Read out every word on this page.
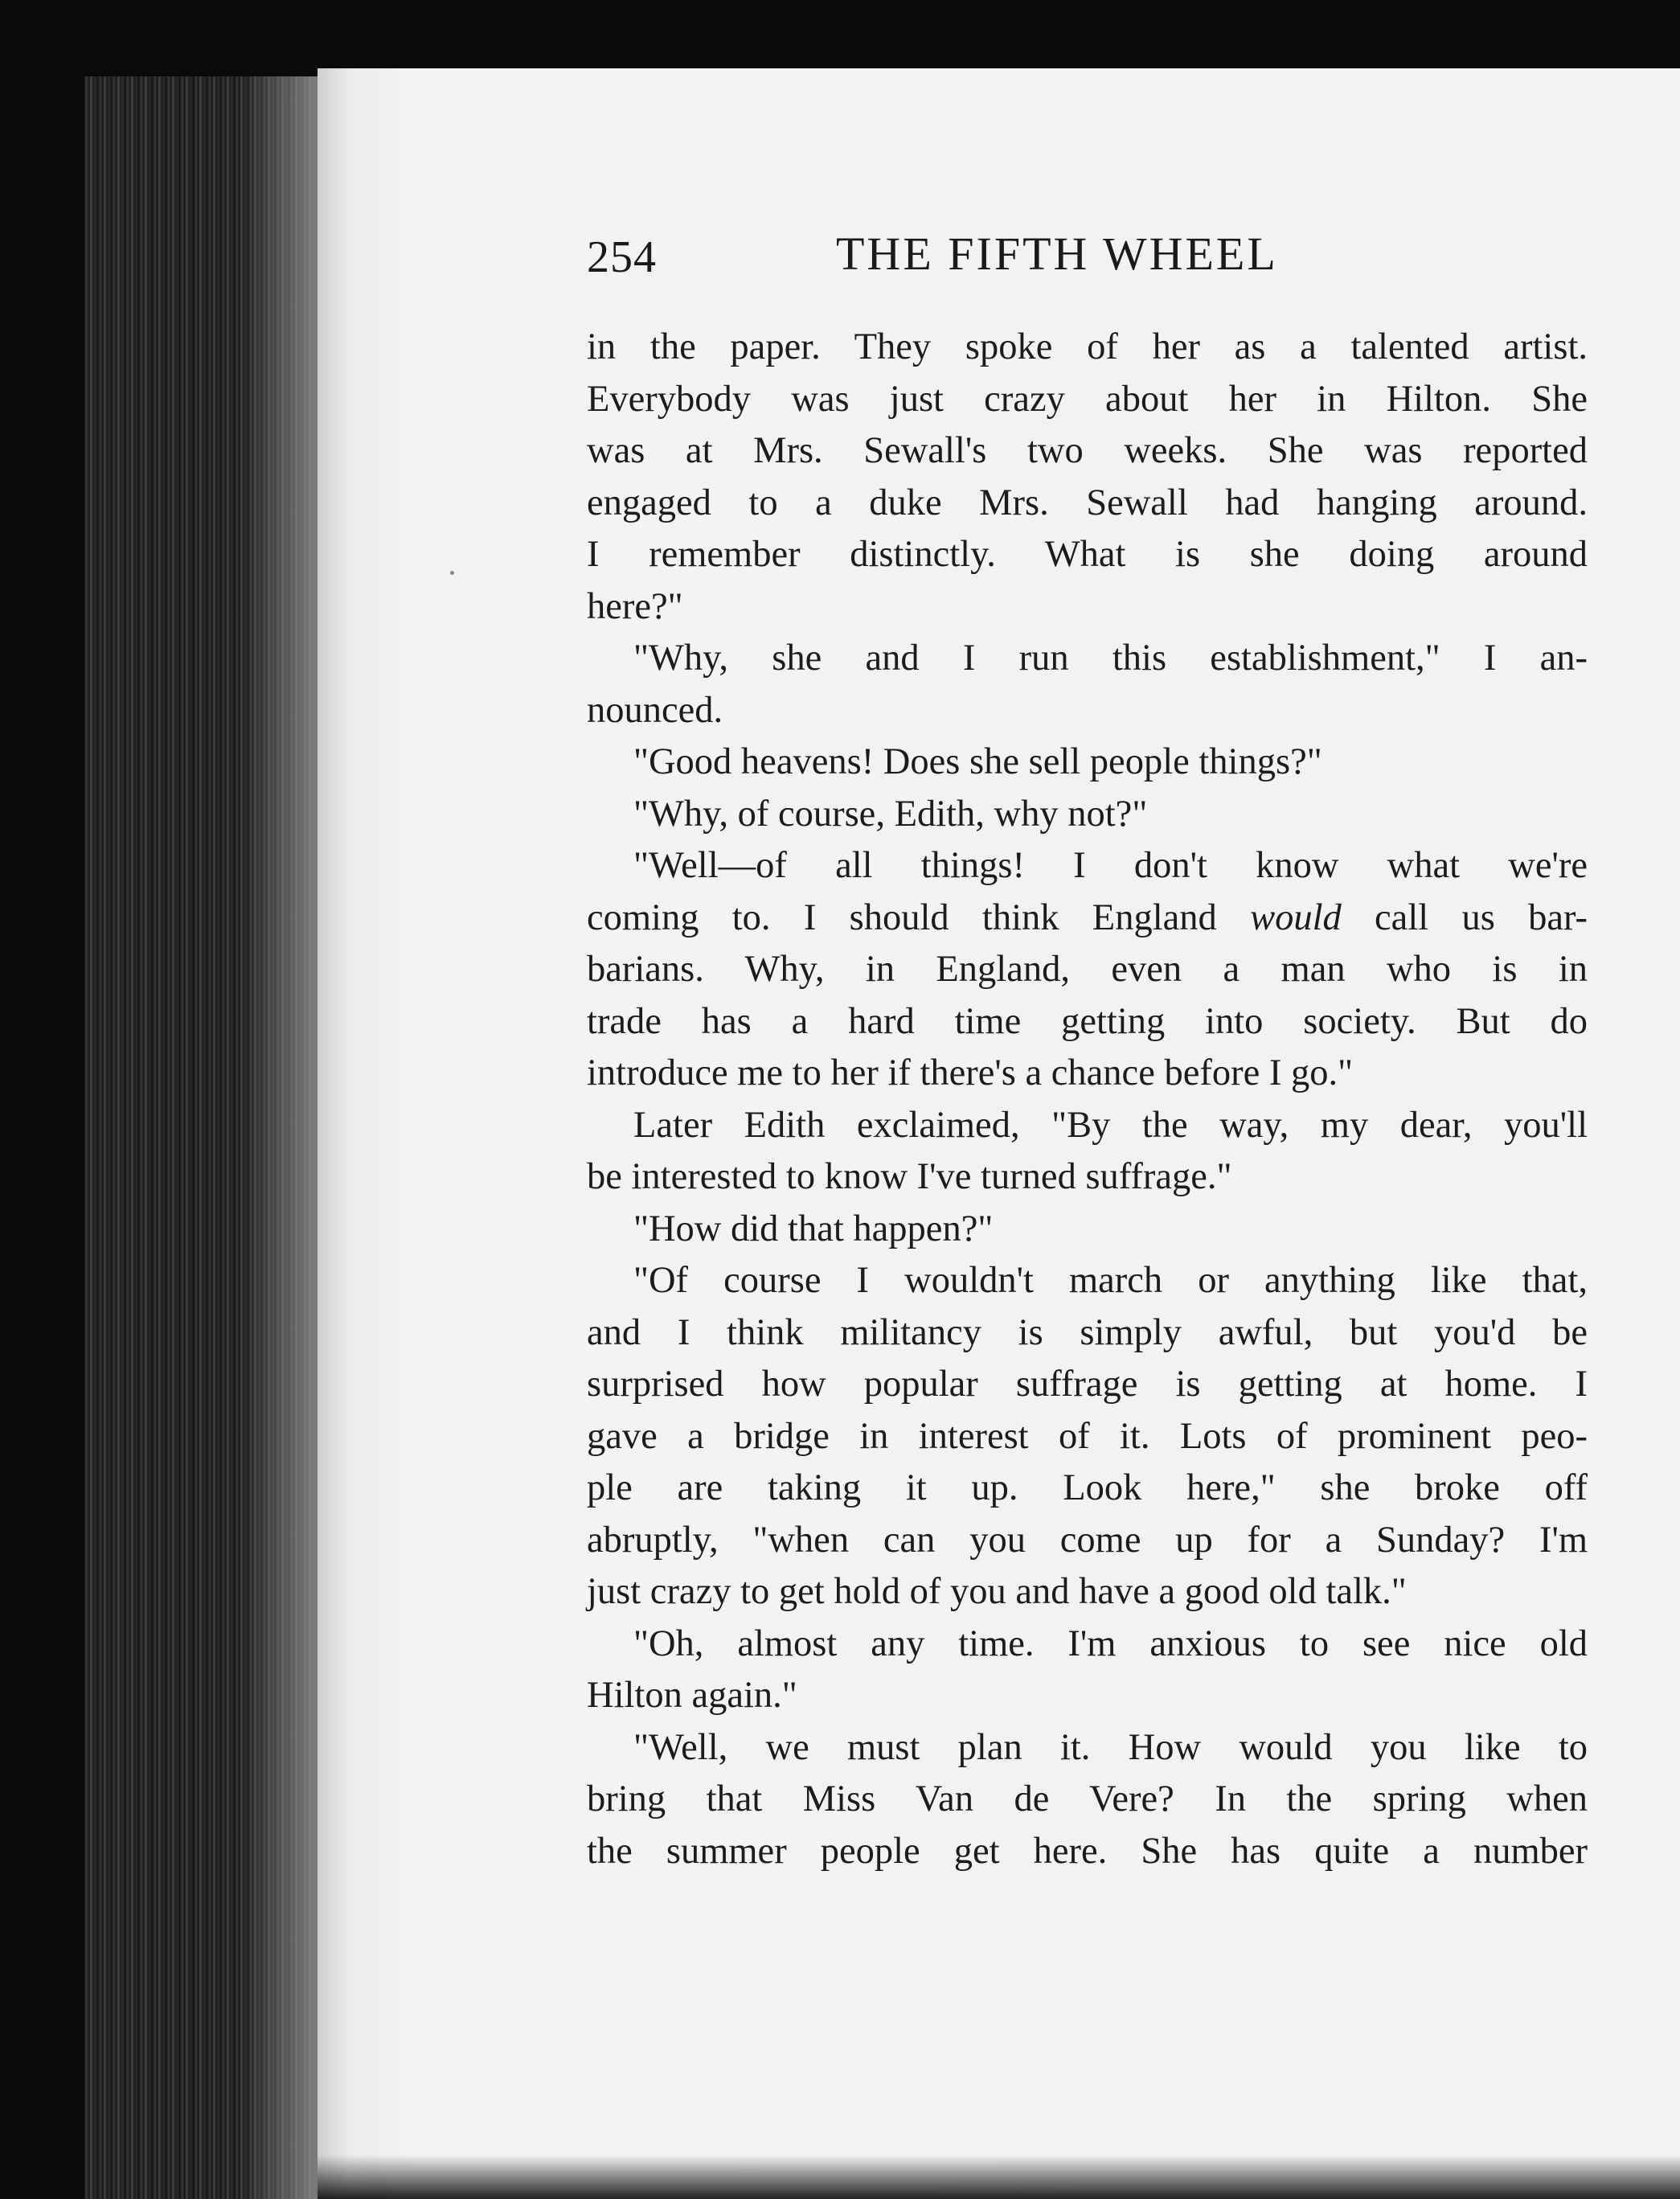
254	THE FIFTH WHEEL
in the paper. They spoke of her as a talented artist.
Everybody was just crazy about her in Hilton. She
was at Mrs. Sewall's two weeks. She was reported
engaged to a duke Mrs. Sewall had hanging around.
I remember distinctly. What is she doing around
here?"
"Why, she and I run this establishment," I an-
nounced.
"Good heavens! Does she sell people things?"
"Why, of course, Edith, why not?"
"Well—of all things! I don't know what we're
coming to. I should think England would call us bar-
barians. Why, in England, even a man who is in
trade has a hard time getting into society. But do
introduce me to her if there's a chance before I go."
Later Edith exclaimed, "By the way, my dear, you'll
be interested to know I've turned suffrage."
"How did that happen?"
"Of course I wouldn't march or anything like that,
and I think militancy is simply awful, but you'd be
surprised how popular suffrage is getting at home. I
gave a bridge in interest of it. Lots of prominent peo-
ple are taking it up. Look here," she broke off
abruptly, "when can you come up for a Sunday? I'm
just crazy to get hold of you and have a good old talk."
"Oh, almost any time. I'm anxious to see nice old
Hilton again."
"Well, we must plan it. How would you like to
bring that Miss Van de Vere? In the spring when
the summer people get here. She has quite a number
